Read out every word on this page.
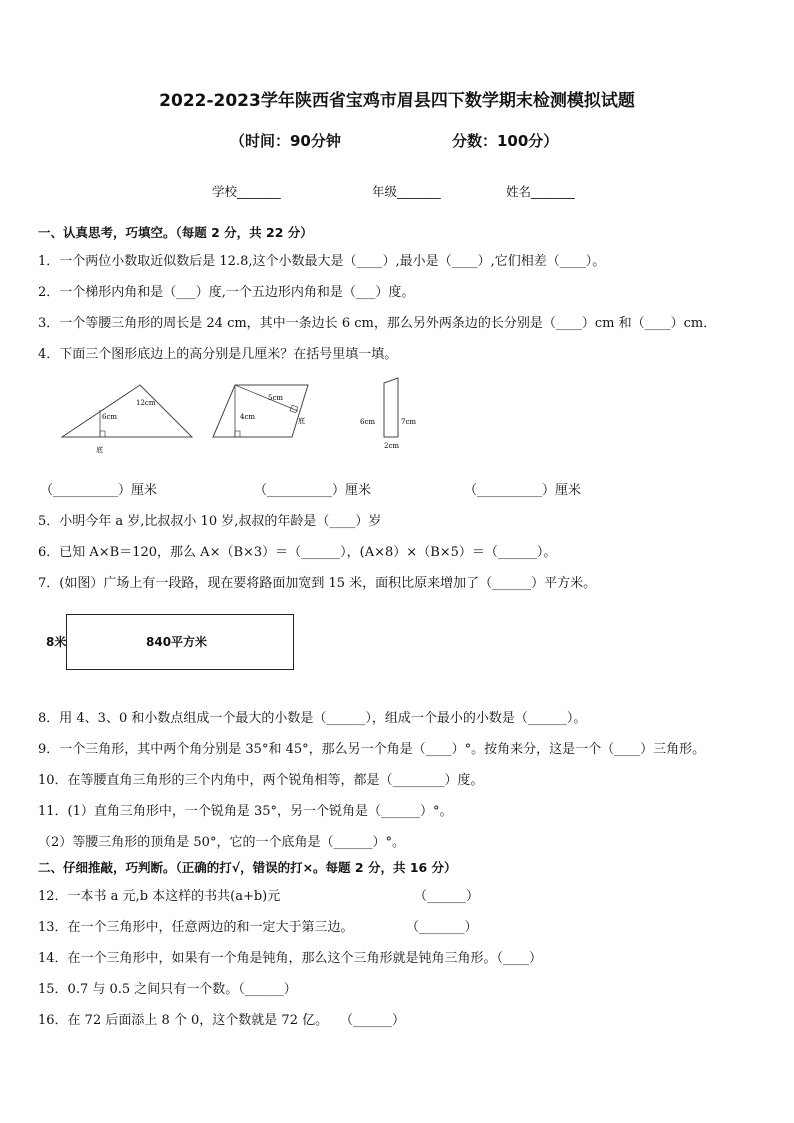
2022-2023学年陕西省宝鸡市眉县四下数学期末检测模拟试题
（时间：90分钟	分数：100分）
学校_______	年级_______	姓名_______
一、认真思考，巧填空。（每题 2 分，共 22 分）
1．一个两位小数取近似数后是 12.8,这个小数最大是（____）,最小是（____）,它们相差（____）。
2．一个梯形内角和是（___）度,一个五边形内角和是（___）度。
3．一个等腰三角形的周长是 24 cm，其中一条边长 6 cm，那么另外两条边的长分别是（____）cm 和（____）cm．
4．下面三个图形底边上的高分别是几厘米？在括号里填一填。
12cm
6cm
底
5cm
4cm	底	6cm	7cm
2cm
（__________）厘米	（__________）厘米	（__________）厘米
5．小明今年 a 岁,比叔叔小 10 岁,叔叔的年龄是（____）岁
6．已知 A×B＝120，那么 A×（B×3）＝（______），(A×8）×（B×5）＝（______）。
7．(如图）广场上有一段路，现在要将路面加宽到 15 米，面积比原来增加了（______）平方米。
8米	840平方米
8．用 4、3、0 和小数点组成一个最大的小数是（______），组成一个最小的小数是（______）。
9．一个三角形，其中两个角分别是 35°和 45°，那么另一个角是（____）°。按角来分，这是一个（____）三角形。
10．在等腰直角三角形的三个内角中，两个锐角相等，都是（________）度。
11．(1）直角三角形中，一个锐角是 35°，另一个锐角是（______）°。
（2）等腰三角形的顶角是 50°，它的一个底角是（______）°。
二、仔细推敲，巧判断。（正确的打√，错误的打×。每题 2 分，共 16 分）
12．一本书 a 元,b 本这样的书共(a+b)元	（______）
13．在一个三角形中，任意两边的和一定大于第三边。	（_______）
14．在一个三角形中，如果有一个角是钝角，那么这个三角形就是钝角三角形。（____）
15．0.7 与 0.5 之间只有一个数。（______）
16．在 72 后面添上 8 个 0，这个数就是 72 亿。 （______）
